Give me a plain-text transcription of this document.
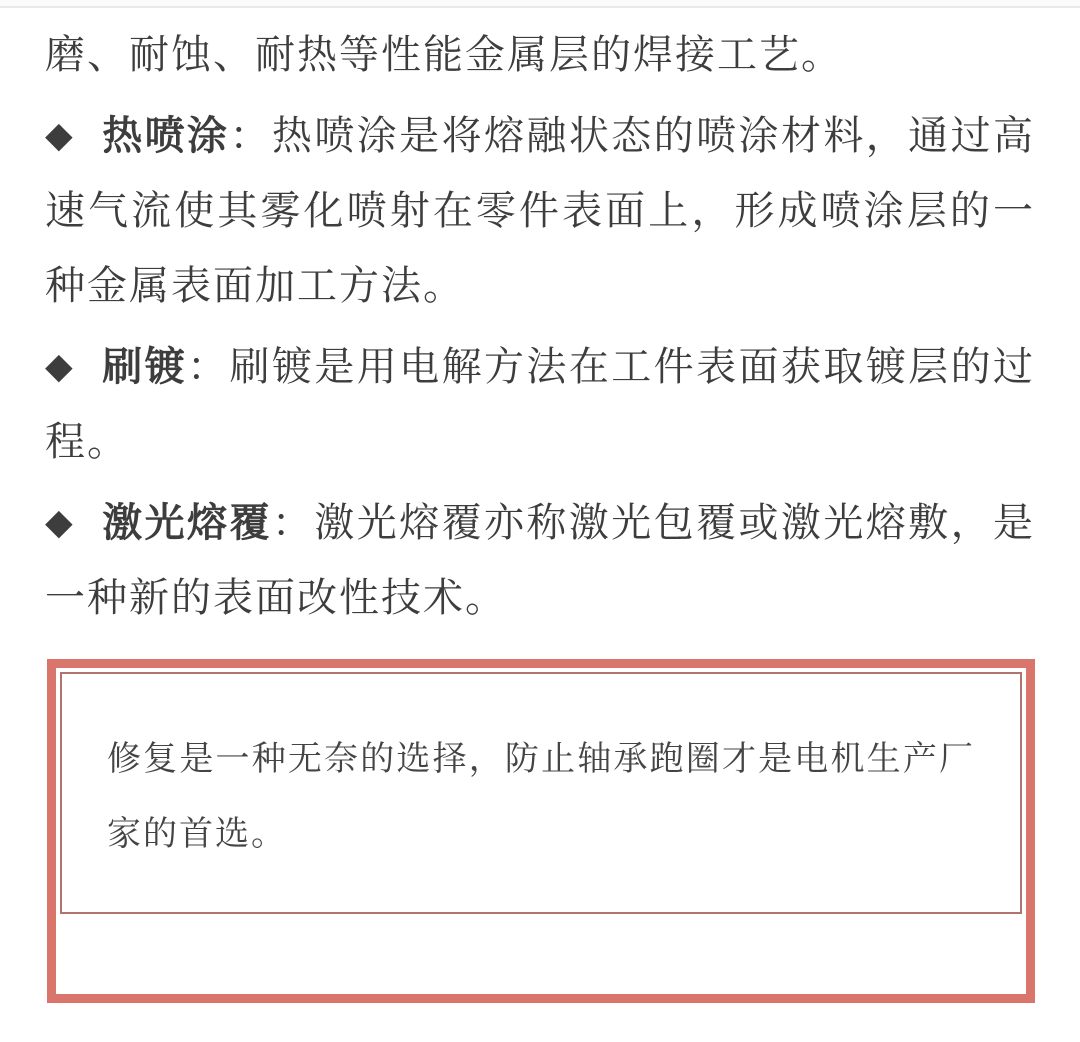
磨、耐蚀、耐热等性能金属层的焊接工艺。

◆ 热喷涂：热喷涂是将熔融状态的喷涂材料，通过高速气流使其雾化喷射在零件表面上，形成喷涂层的一种金属表面加工方法。

◆ 刷镀：刷镀是用电解方法在工件表面获取镀层的过程。

◆ 激光熔覆：激光熔覆亦称激光包覆或激光熔敷，是一种新的表面改性技术。

修复是一种无奈的选择，防止轴承跑圈才是电机生产厂家的首选。
